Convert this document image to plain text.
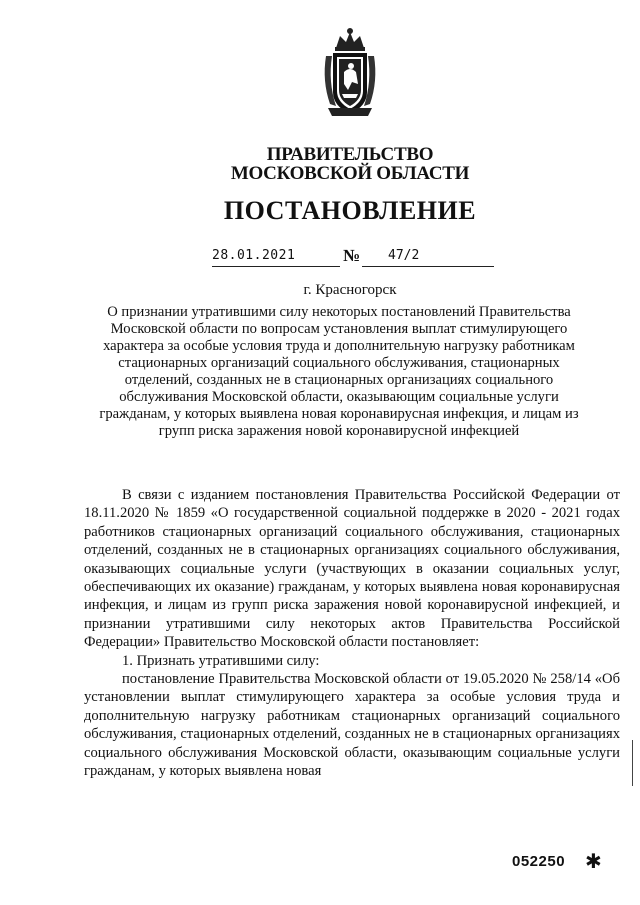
ПРАВИТЕЛЬСТВО
МОСКОВСКОЙ ОБЛАСТИ
ПОСТАНОВЛЕНИЕ
28.01.2021	№ 47/2
г. Красногорск
О признании утратившими силу некоторых постановлений Правительства Московской области по вопросам установления выплат стимулирующего характера за особые условия труда и дополнительную нагрузку работникам стационарных организаций социального обслуживания, стационарных отделений, созданных не в стационарных организациях социального обслуживания Московской области, оказывающим социальные услуги гражданам, у которых выявлена новая коронавирусная инфекция, и лицам из групп риска заражения новой коронавирусной инфекцией

В связи с изданием постановления Правительства Российской Федерации от 18.11.2020 № 1859 «О государственной социальной поддержке в 2020 - 2021 годах работников стационарных организаций социального обслуживания, стационарных отделений, созданных не в стационарных организациях социального обслуживания, оказывающих социальные услуги (участвующих в оказании социальных услуг, обеспечивающих их оказание) гражданам, у которых выявлена новая коронавирусная инфекция, и лицам из групп риска заражения новой коронавирусной инфекцией, и признании утратившими силу некоторых актов Правительства Российской Федерации» Правительство Московской области постановляет:

1. Признать утратившими силу:

постановление Правительства Московской области от 19.05.2020 № 258/14 «Об установлении выплат стимулирующего характера за особые условия труда и дополнительную нагрузку работникам стационарных организаций социального обслуживания, стационарных отделений, созданных не в стационарных организациях социального обслуживания Московской области, оказывающим социальные услуги гражданам, у которых выявлена новая

052250 ✱
